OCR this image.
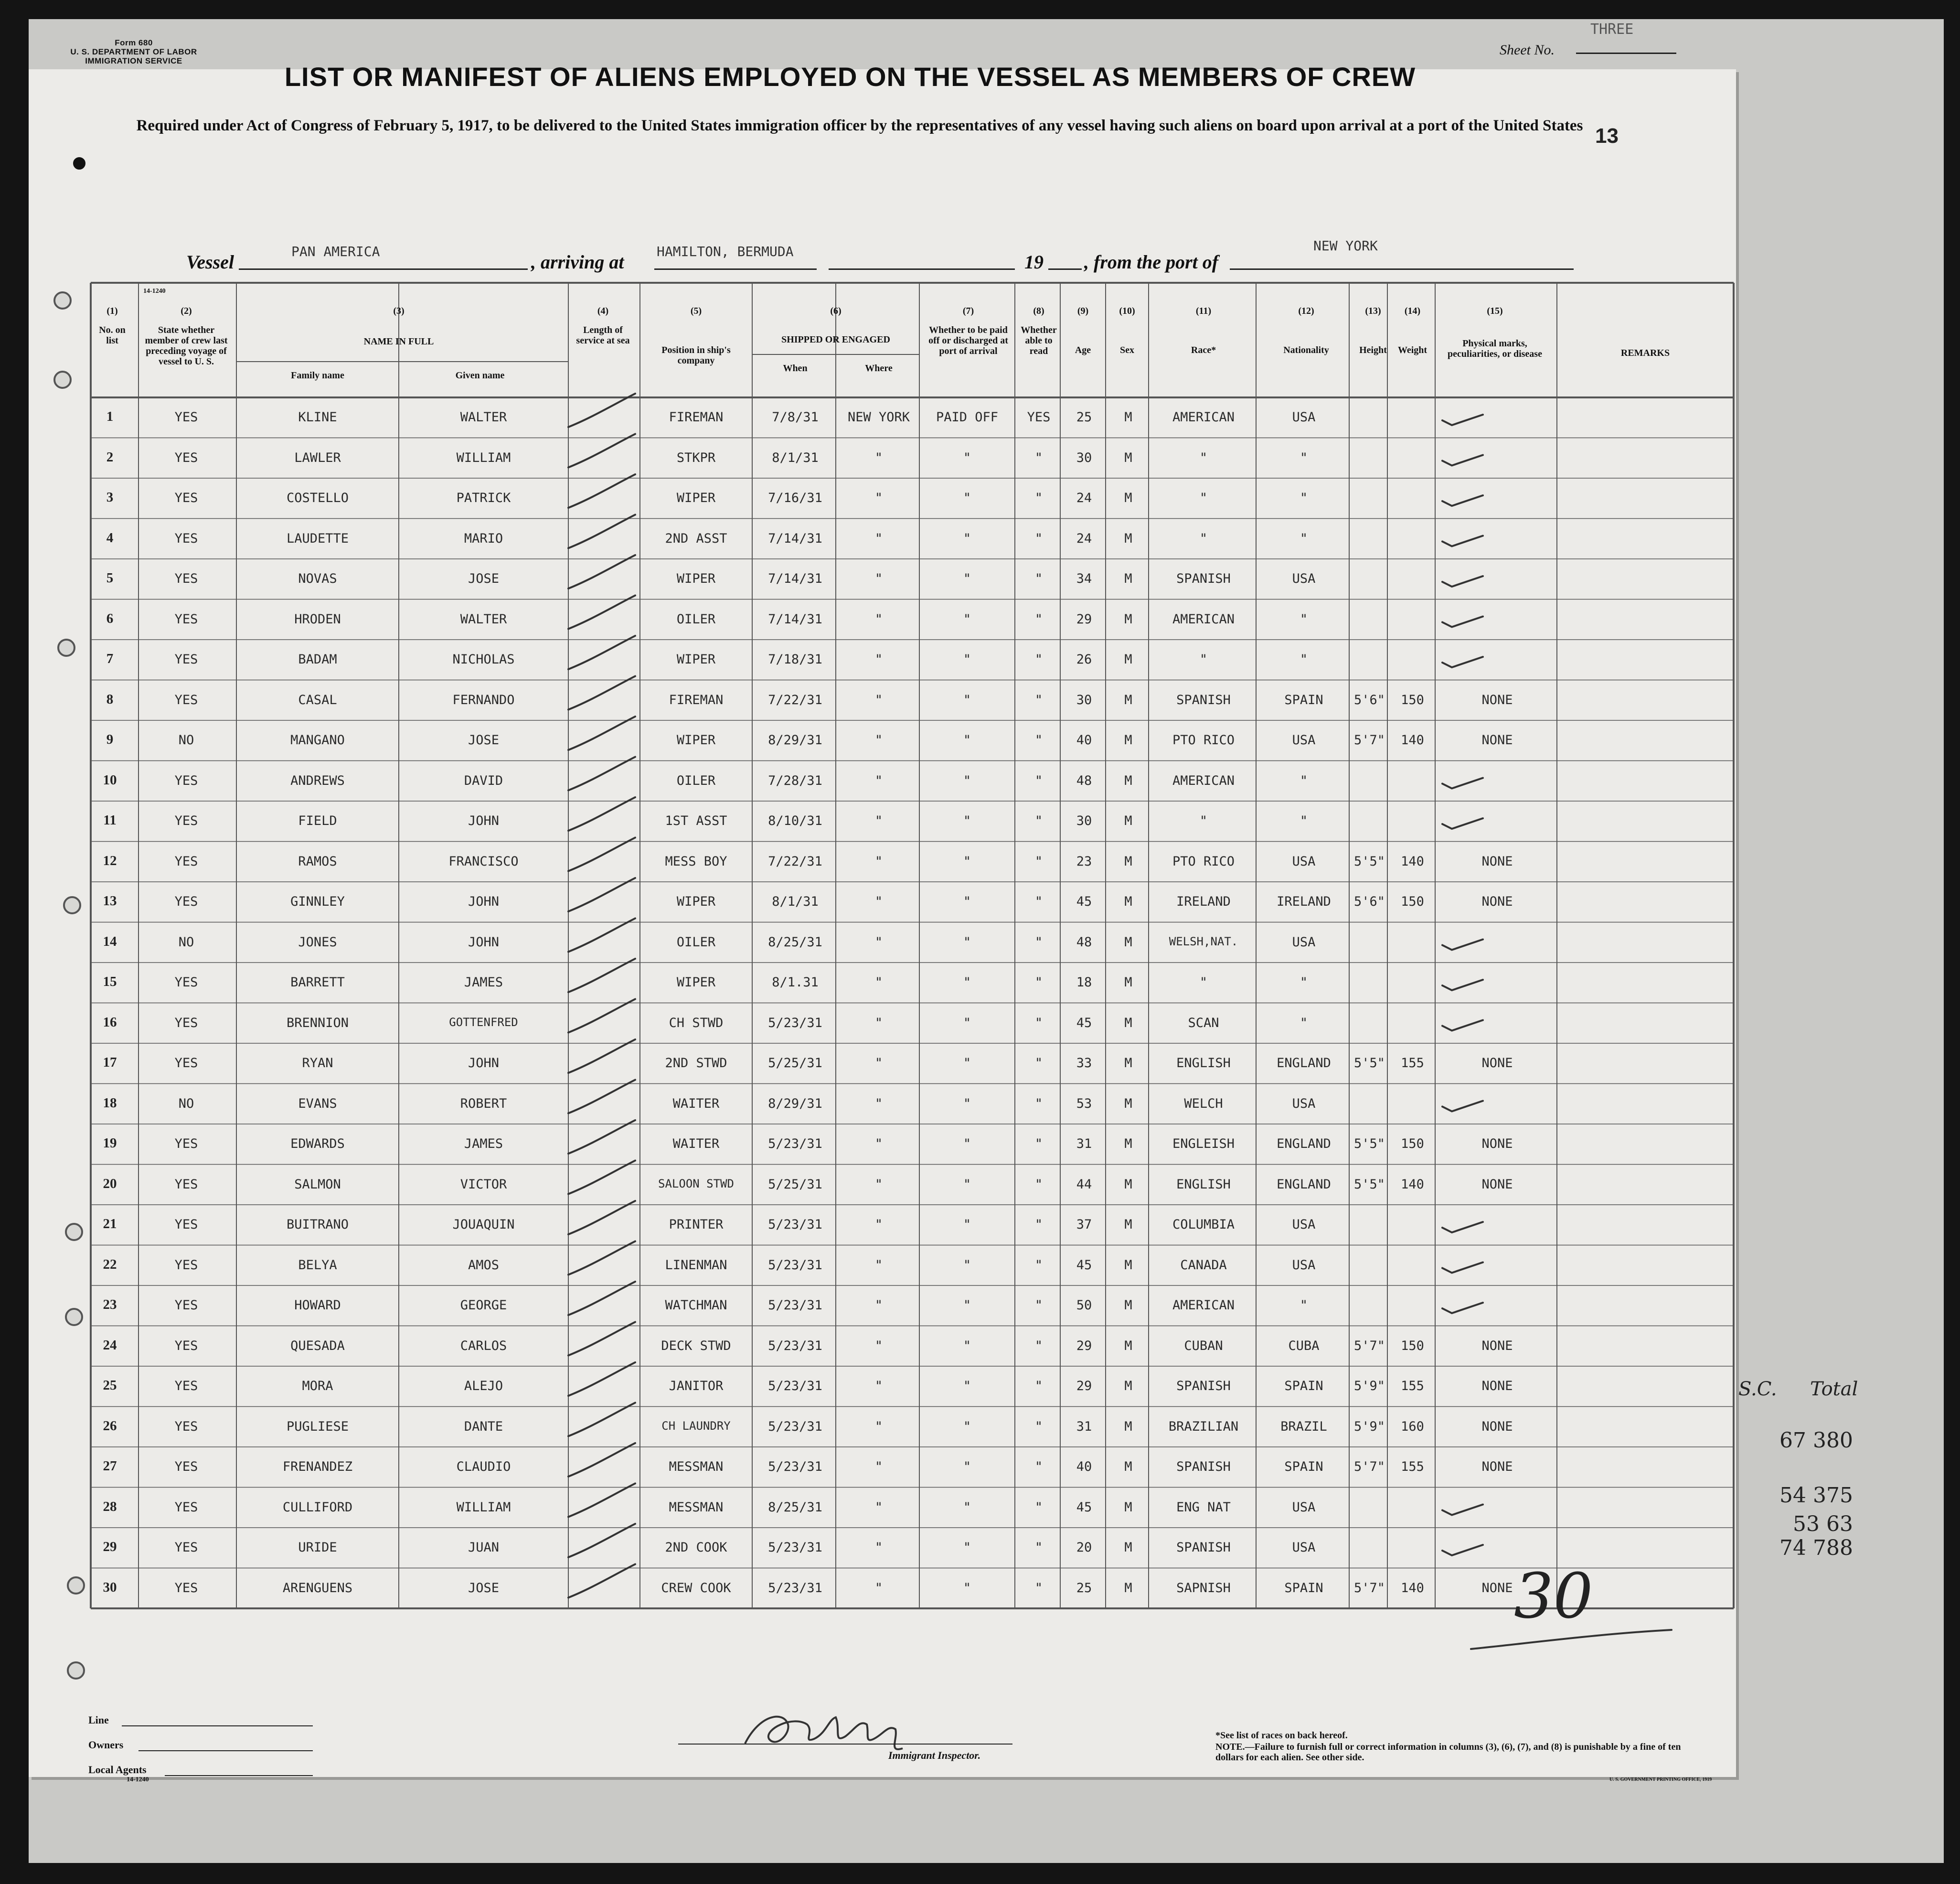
Form 680
U. S. DEPARTMENT OF LABOR
IMMIGRATION SERVICE
THREE
Sheet No.
LIST OR MANIFEST OF ALIENS EMPLOYED ON THE VESSEL AS MEMBERS OF CREW
Required under Act of Congress of February 5, 1917, to be delivered to the United States immigration officer by the representatives of any vessel having such aliens on board upon arrival at a port of the United States 13
Vessel	PAN AMERICA	, arriving at HAMILTON, BERMUDA	19 , from the port of
NEW YORK
(1)
No. on list
(2)
State whether member of crew last preceding voyage of vessel to U. S.
(3)
NAME IN FULL
Family name	Given name
(4)
Length of service at sea
(5)
Position in ship's company
(6)
SHIPPED OR ENGAGED
When	Where
(7)
Whether to be paid off or discharged at port of arrival
(8)
Whether able to read
(9)
Age
(10)
Sex
(11)
Race*
(12)
Nationality
(13)
Height
(14)
Weight
(15)
Physical marks, peculiarities, or disease	REMARKS
1	YES	KLINE	WALTER	FIREMAN	7/8/31	NEW YORK	PAID OFF	YES	25	M	AMERICAN	USA
2	YES	LAWLER	WILLIAM	STKPR	8/1/31	"	"	"	30	M	"	"
3	YES	COSTELLO	PATRICK	WIPER	7/16/31	"	"	"	24	M	"	"
4	YES	LAUDETTE	MARIO	2ND ASST	7/14/31	"	"	"	24	M	"	"
5	YES	NOVAS	JOSE	WIPER	7/14/31	"	"	"	34	M	SPANISH	USA
6	YES	HRODEN	WALTER	OILER	7/14/31	"	"	"	29	M	AMERICAN	"
7	YES	BADAM	NICHOLAS	WIPER	7/18/31	"	"	"	26	M	"	"
8	YES	CASAL	FERNANDO	FIREMAN	7/22/31	"	"	"	30	M	SPANISH	SPAIN	5'6"	150	NONE
9	NO	MANGANO	JOSE	WIPER	8/29/31	"	"	"	40	M	PTO RICO	USA	5'7"	140	NONE
10	YES	ANDREWS	DAVID	OILER	7/28/31	"	"	"	48	M	AMERICAN	"
11	YES	FIELD	JOHN	1ST ASST	8/10/31	"	"	"	30	M	"	"
12	YES	RAMOS	FRANCISCO	MESS BOY	7/22/31	"	"	"	23	M	PTO RICO	USA	5'5"	140	NONE
13	YES	GINNLEY	JOHN	WIPER	8/1/31	"	"	"	45	M	IRELAND	IRELAND	5'6"	150	NONE
14	NO	JONES	JOHN	OILER	8/25/31	"	"	"	48	M	WELSH,NAT.	USA
15	YES	BARRETT	JAMES	WIPER	8/1.31	"	"	"	18	M	"	"
16	YES	BRENNION	GOTTENFRED	CH STWD	5/23/31	"	"	"	45	M	SCAN	"
17	YES	RYAN	JOHN	2ND STWD	5/25/31	"	"	"	33	M	ENGLISH	ENGLAND	5'5"	155	NONE
18	NO	EVANS	ROBERT	WAITER	8/29/31	"	"	"	53	M	WELCH	USA
19	YES	EDWARDS	JAMES	WAITER	5/23/31	"	"	"	31	M	ENGLEISH	ENGLAND	5'5"	150	NONE
20	YES	SALMON	VICTOR	SALOON STWD	5/25/31	"	"	"	44	M	ENGLISH	ENGLAND	5'5"	140	NONE
21	YES	BUITRANO	JOUAQUIN	PRINTER	5/23/31	"	"	"	37	M	COLUMBIA	USA
22	YES	BELYA	AMOS	LINENMAN	5/23/31	"	"	"	45	M	CANADA	USA
23	YES	HOWARD	GEORGE	WATCHMAN	5/23/31	"	"	"	50	M	AMERICAN	"
24	YES	QUESADA	CARLOS	DECK STWD	5/23/31	"	"	"	29	M	CUBAN	CUBA	5'7"	150	NONE
25	YES	MORA	ALEJO	JANITOR	5/23/31	"	"	"	29	M	SPANISH	SPAIN	5'9"	155	NONE
26	YES	PUGLIESE	DANTE	CH LAUNDRY	5/23/31	"	"	"	31	M	BRAZILIAN	BRAZIL	5'9"	160	NONE
27	YES	FRENANDEZ	CLAUDIO	MESSMAN	5/23/31	"	"	"	40	M	SPANISH	SPAIN	5'7"	155	NONE
28	YES	CULLIFORD	WILLIAM	MESSMAN	8/25/31	"	"	"	45	M	ENG NAT	USA
29	YES	URIDE	JUAN	2ND COOK	5/23/31	"	"	"	20	M	SPANISH	USA
30	YES	ARENGUENS	JOSE	CREW COOK	5/23/31	"	"	"	25	M	SAPNISH	SPAIN	5'7"	140	NONE 30
S.C. Total
67 380
54 375
53 63
74 788
Line
Owners
Local Agents
14-1240
14-1240
Immigrant Inspector.
*See list of races on back hereof.
NOTE.—Failure to furnish full or correct information in columns (3), (6), (7), and (8) is punishable by a fine of ten dollars for each alien. See other side.
U. S. GOVERNMENT PRINTING OFFICE, 1919
